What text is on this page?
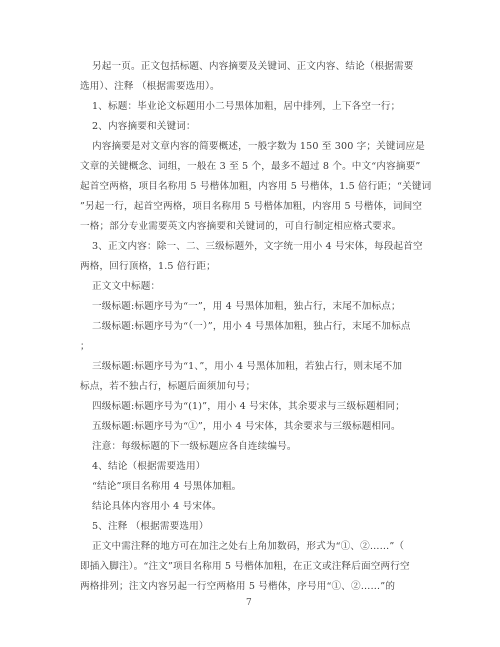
另起一页。正文包括标题、内容摘要及关键词、正文内容、结论（根据需要
选用）、注释 （根据需要选用）。
1、标题：毕业论文标题用小二号黑体加粗，居中排列，上下各空一行；
2、内容摘要和关键词：
内容摘要是对文章内容的简要概述，一般字数为 150 至 300 字；关键词应是
文章的关键概念、词组，一般在 3 至 5 个，最多不超过 8 个。中文“内容摘要”
起首空两格，项目名称用 5 号楷体加粗，内容用 5 号楷体，1.5 倍行距；“关键词
”另起一行，起首空两格，项目名称用 5 号楷体加粗，内容用 5 号楷体，词间空
一格；部分专业需要英文内容摘要和关键词的，可自行制定相应格式要求。
3、正文内容：除一、二、三级标题外，文字统一用小 4 号宋体，每段起首空
两格，回行顶格，1.5 倍行距；
正文文中标题：
一级标题:标题序号为“一”，用 4 号黑体加粗，独占行，末尾不加标点；
二级标题:标题序号为“（一）”，用小 4 号黑体加粗，独占行，末尾不加标点
；
三级标题:标题序号为“1、”，用小 4 号黑体加粗，若独占行，则末尾不加
标点，若不独占行，标题后面须加句号；
四级标题:标题序号为“(1)”，用小 4 号宋体，其余要求与三级标题相同；
五级标题:标题序号为“①”，用小 4 号宋体，其余要求与三级标题相同。
注意：每级标题的下一级标题应各自连续编号。
4、结论（根据需要选用）
“结论”项目名称用 4 号黑体加粗。
结论具体内容用小 4 号宋体。
5、注释 （根据需要选用）
正文中需注释的地方可在加注之处右上角加数码，形式为“①、②……”（
即插入脚注）。“注文”项目名称用 5 号楷体加粗，在正文或注释后面空两行空
两格排列；注文内容另起一行空两格用 5 号楷体，序号用“①、②……”的
7
